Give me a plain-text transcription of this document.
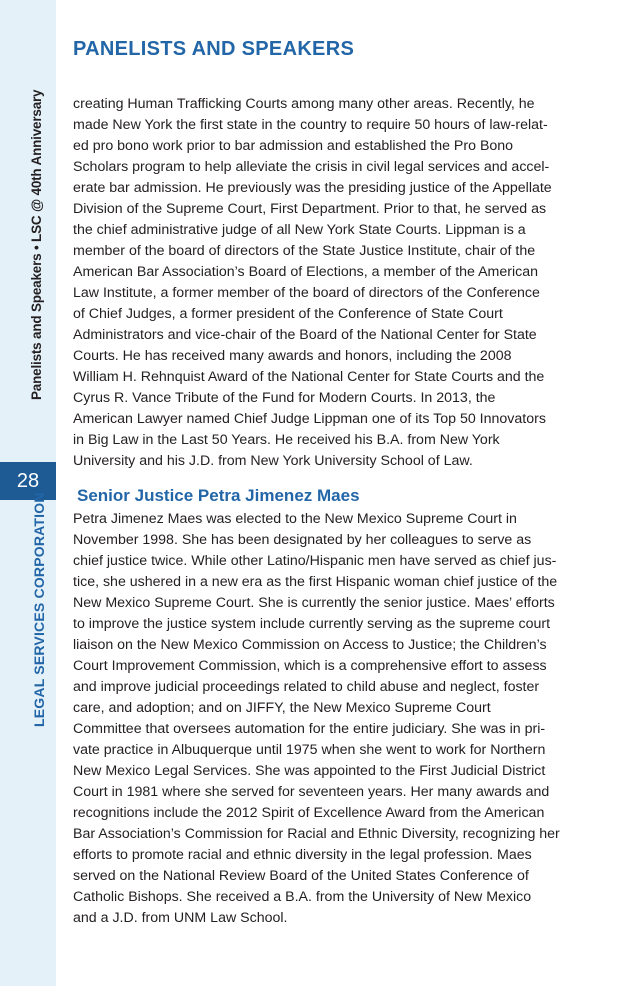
Panelists and Speakers • LSC @ 40th Anniversary
28
LEGAL SERVICES CORPORATION
PANELISTS AND SPEAKERS
creating Human Trafficking Courts among many other areas. Recently, he
made New York the first state in the country to require 50 hours of law-relat-
ed pro bono work prior to bar admission and established the Pro Bono
Scholars program to help alleviate the crisis in civil legal services and accel-
erate bar admission. He previously was the presiding justice of the Appellate
Division of the Supreme Court, First Department. Prior to that, he served as
the chief administrative judge of all New York State Courts. Lippman is a
member of the board of directors of the State Justice Institute, chair of the
American Bar Association’s Board of Elections, a member of the American
Law Institute, a former member of the board of directors of the Conference
of Chief Judges, a former president of the Conference of State Court
Administrators and vice-chair of the Board of the National Center for State
Courts. He has received many awards and honors, including the 2008
William H. Rehnquist Award of the National Center for State Courts and the
Cyrus R. Vance Tribute of the Fund for Modern Courts. In 2013, the
American Lawyer named Chief Judge Lippman one of its Top 50 Innovators
in Big Law in the Last 50 Years. He received his B.A. from New York
University and his J.D. from New York University School of Law.
Senior Justice Petra Jimenez Maes
Petra Jimenez Maes was elected to the New Mexico Supreme Court in
November 1998. She has been designated by her colleagues to serve as
chief justice twice. While other Latino/Hispanic men have served as chief jus-
tice, she ushered in a new era as the first Hispanic woman chief justice of the
New Mexico Supreme Court. She is currently the senior justice. Maes’ efforts
to improve the justice system include currently serving as the supreme court
liaison on the New Mexico Commission on Access to Justice; the Children’s
Court Improvement Commission, which is a comprehensive effort to assess
and improve judicial proceedings related to child abuse and neglect, foster
care, and adoption; and on JIFFY, the New Mexico Supreme Court
Committee that oversees automation for the entire judiciary. She was in pri-
vate practice in Albuquerque until 1975 when she went to work for Northern
New Mexico Legal Services. She was appointed to the First Judicial District
Court in 1981 where she served for seventeen years. Her many awards and
recognitions include the 2012 Spirit of Excellence Award from the American
Bar Association’s Commission for Racial and Ethnic Diversity, recognizing her
efforts to promote racial and ethnic diversity in the legal profession. Maes
served on the National Review Board of the United States Conference of
Catholic Bishops. She received a B.A. from the University of New Mexico
and a J.D. from UNM Law School.
